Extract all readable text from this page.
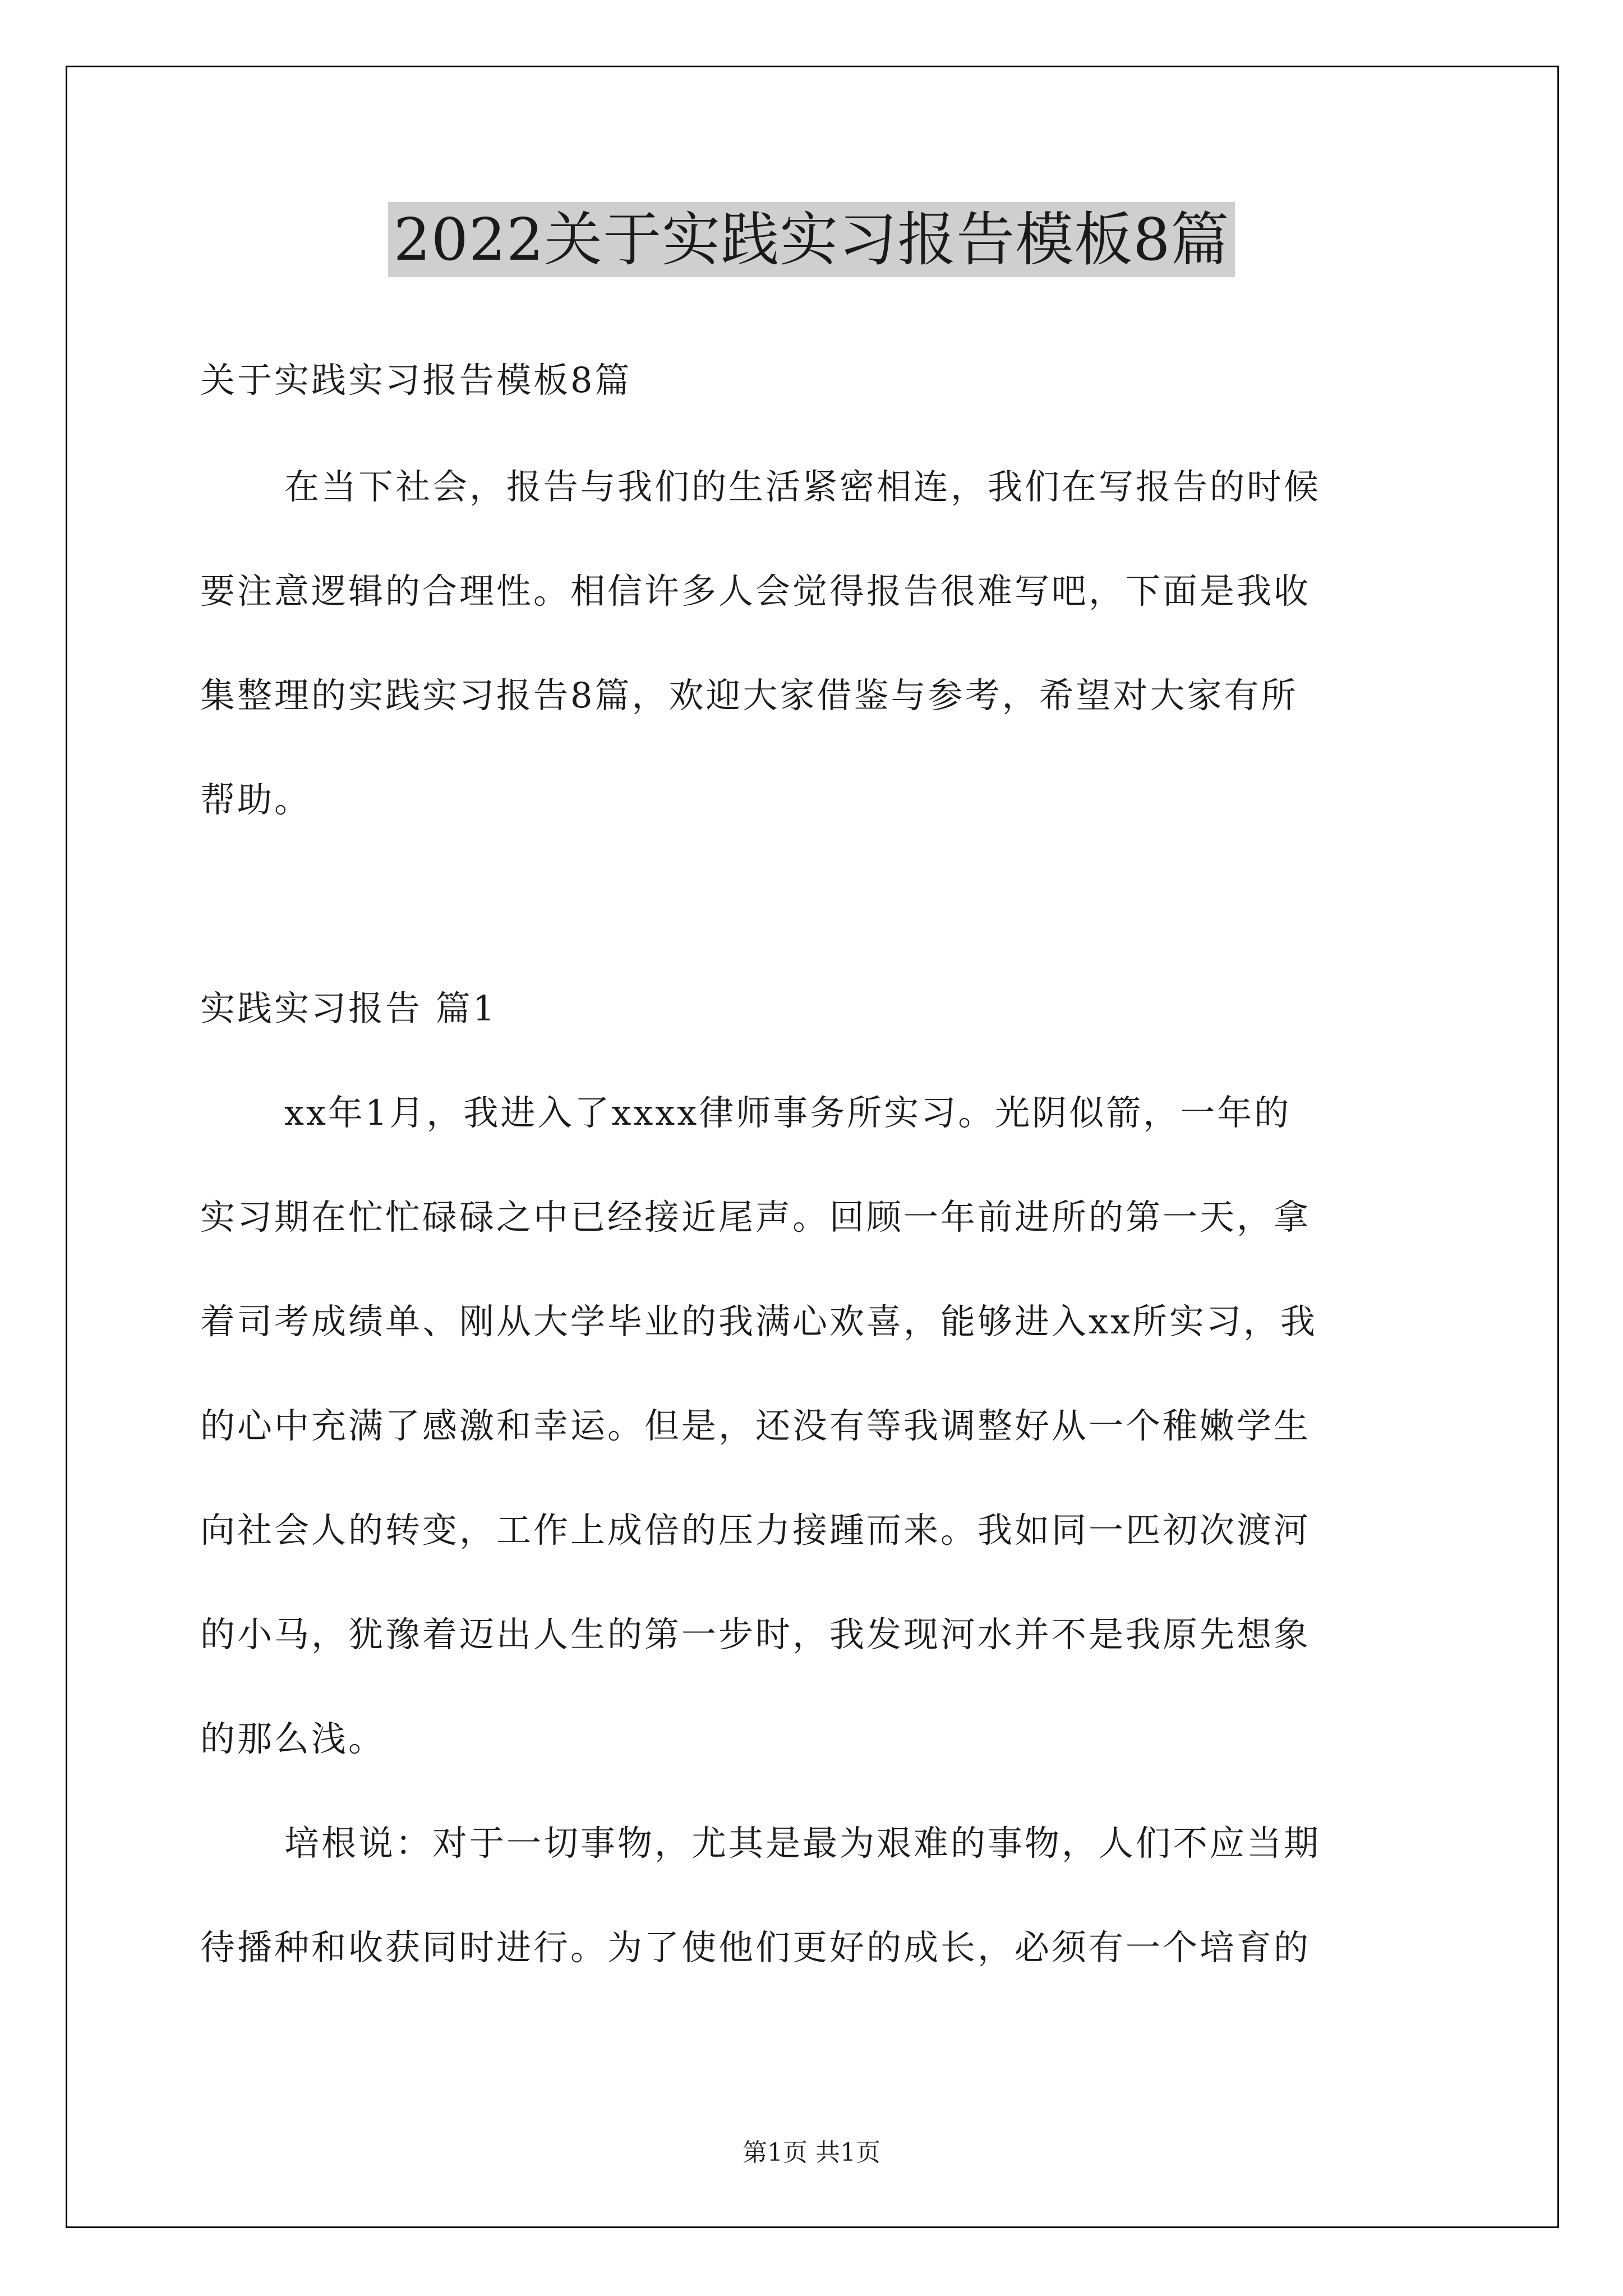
2022关于实践实习报告模板8篇
关于实践实习报告模板8篇
在当下社会，报告与我们的生活紧密相连，我们在写报告的时候
要注意逻辑的合理性。相信许多人会觉得报告很难写吧，下面是我收
集整理的实践实习报告8篇，欢迎大家借鉴与参考，希望对大家有所
帮助。
实践实习报告 篇1
xx年1月，我进入了xxxx律师事务所实习。光阴似箭，一年的
实习期在忙忙碌碌之中已经接近尾声。回顾一年前进所的第一天，拿
着司考成绩单、刚从大学毕业的我满心欢喜，能够进入xx所实习，我
的心中充满了感激和幸运。但是，还没有等我调整好从一个稚嫩学生
向社会人的转变，工作上成倍的压力接踵而来。我如同一匹初次渡河
的小马，犹豫着迈出人生的第一步时，我发现河水并不是我原先想象
的那么浅。
培根说：对于一切事物，尤其是最为艰难的事物，人们不应当期
待播种和收获同时进行。为了使他们更好的成长，必须有一个培育的
第1页 共1页
